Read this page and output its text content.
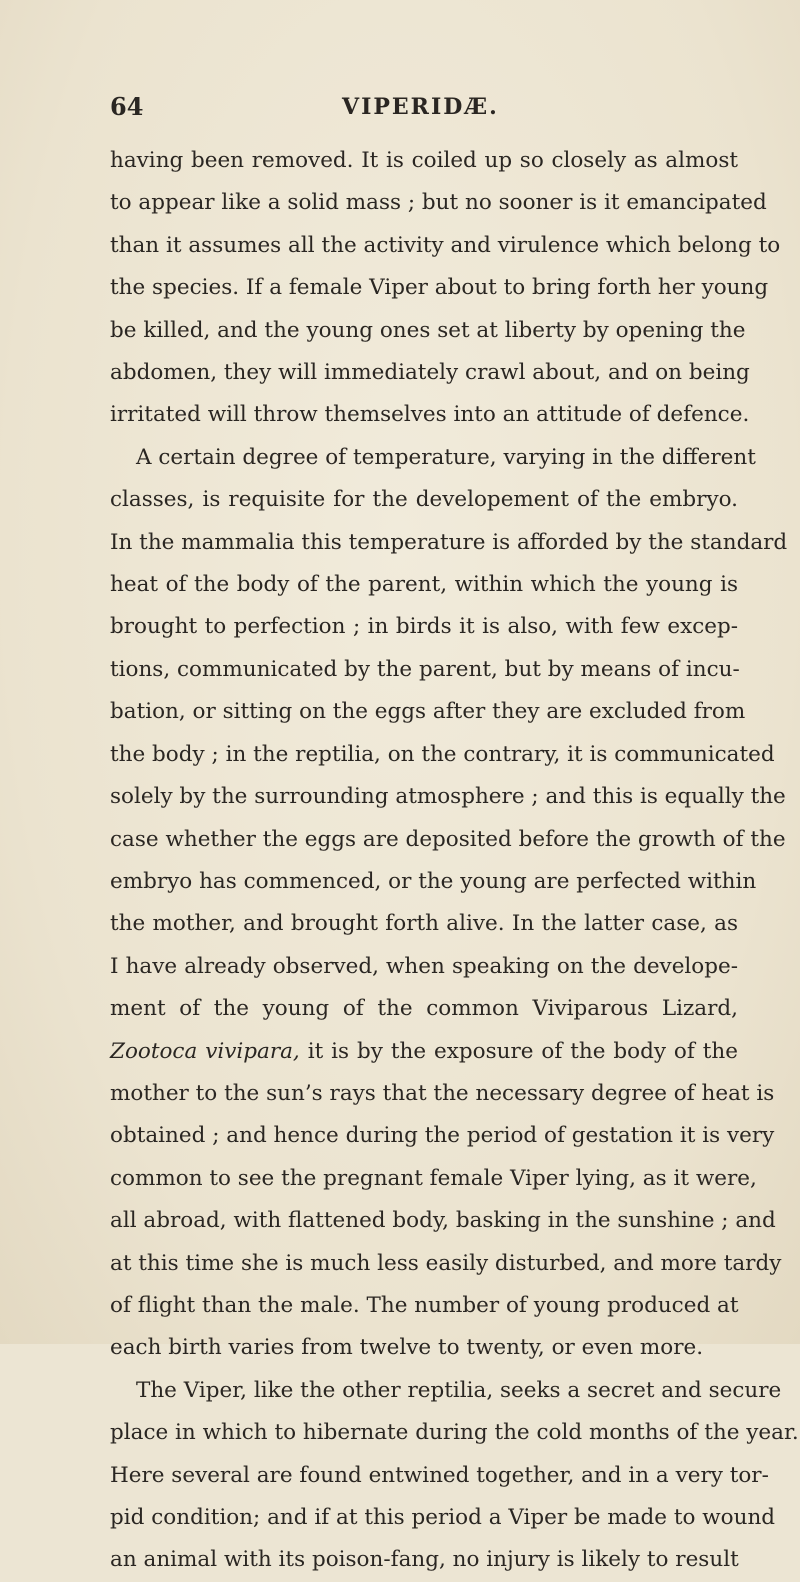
64	VIPERIDÆ.
having been removed. It is coiled up so closely as almost
to appear like a solid mass ; but no sooner is it emancipated
than it assumes all the activity and virulence which belong to
the species. If a female Viper about to bring forth her young
be killed, and the young ones set at liberty by opening the
abdomen, they will immediately crawl about, and on being
irritated will throw themselves into an attitude of defence.
A certain degree of temperature, varying in the different
classes, is requisite for the developement of the embryo.
In the mammalia this temperature is afforded by the standard
heat of the body of the parent, within which the young is
brought to perfection ; in birds it is also, with few excep-
tions, communicated by the parent, but by means of incu-
bation, or sitting on the eggs after they are excluded from
the body ; in the reptilia, on the contrary, it is communicated
solely by the surrounding atmosphere ; and this is equally the
case whether the eggs are deposited before the growth of the
embryo has commenced, or the young are perfected within
the mother, and brought forth alive. In the latter case, as
I have already observed, when speaking on the develope-
ment of the young of the common Viviparous Lizard,
Zootoca vivipara, it is by the exposure of the body of the
mother to the sun’s rays that the necessary degree of heat is
obtained ; and hence during the period of gestation it is very
common to see the pregnant female Viper lying, as it were,
all abroad, with flattened body, basking in the sunshine ; and
at this time she is much less easily disturbed, and more tardy
of flight than the male. The number of young produced at
each birth varies from twelve to twenty, or even more.
The Viper, like the other reptilia, seeks a secret and secure
place in which to hibernate during the cold months of the year.
Here several are found entwined together, and in a very tor-
pid condition; and if at this period a Viper be made to wound
an animal with its poison-fang, no injury is likely to result
